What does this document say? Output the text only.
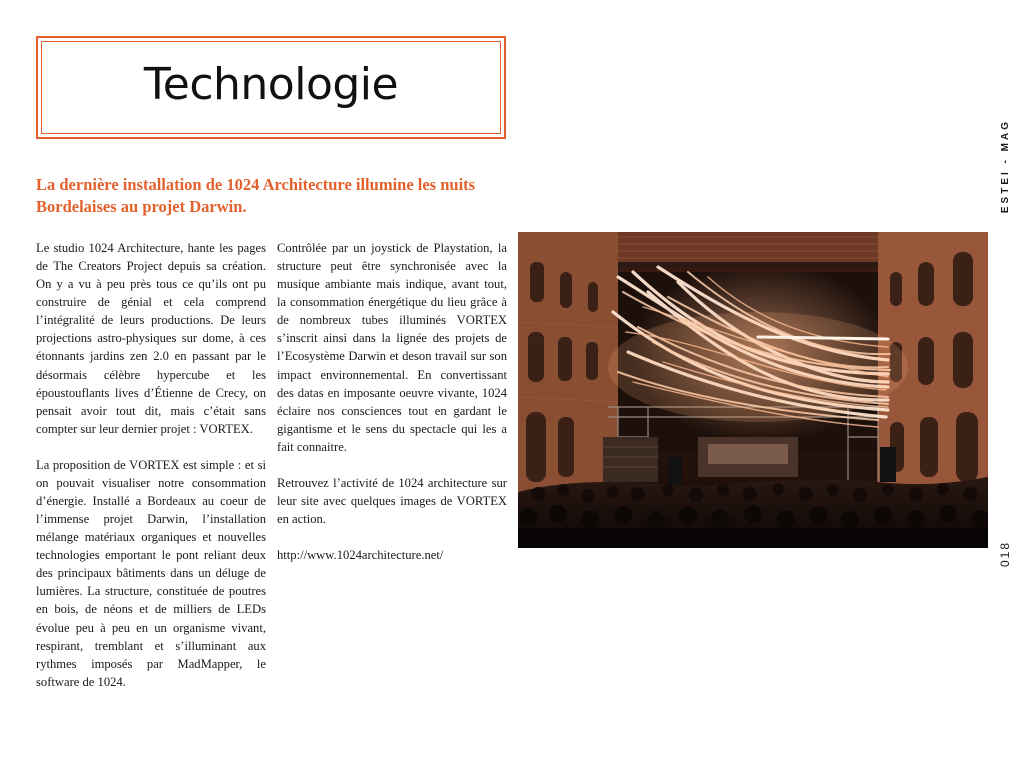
Technologie

La dernière installation de 1024 Architecture illumine les nuits Bordelaises au projet Darwin.

Le studio 1024 Architecture, hante les pages de The Creators Project depuis sa création. On y a vu à peu près tous ce qu’ils ont pu construire de génial et cela comprend l’intégralité de leurs productions. De leurs projections astro-physiques sur dome, à ces étonnants jardins zen 2.0 en passant par le désormais célèbre hypercube et les époustouflants lives d’Étienne de Crecy, on pensait avoir tout dit, mais c’était sans compter sur leur dernier projet : VORTEX.

La proposition de VORTEX est simple : et si on pouvait visualiser notre consommation d’énergie. Installé a Bordeaux au coeur de l’immense projet Darwin, l’installation mélange matériaux organiques et nouvelles technologies emportant le pont reliant deux des principaux bâtiments dans un déluge de lumières. La structure, constituée de poutres en bois, de néons et de milliers de LEDs évolue peu à peu en un organisme vivant, respirant, tremblant et s’illuminant aux rythmes imposés par MadMapper, le software de 1024.

Contrôlée par un joystick de Playstation, la structure peut être synchronisée avec la musique ambiante mais indique, avant tout, la consommation énergétique du lieu grâce à de nombreux tubes illuminés VORTEX s’inscrit ainsi dans la lignée des projets de l’Ecosystème Darwin et deson travail sur son impact environnemental. En convertissant des datas en imposante oeuvre vivante, 1024 éclaire nos consciences tout en gardant le gigantisme et le sens du spectacle qui les a fait connaitre.

Retrouvez l’activité de 1024 architecture sur leur site avec quelques images de VORTEX en action.

http://www.1024architecture.net/

ESTEI - MAG
018
